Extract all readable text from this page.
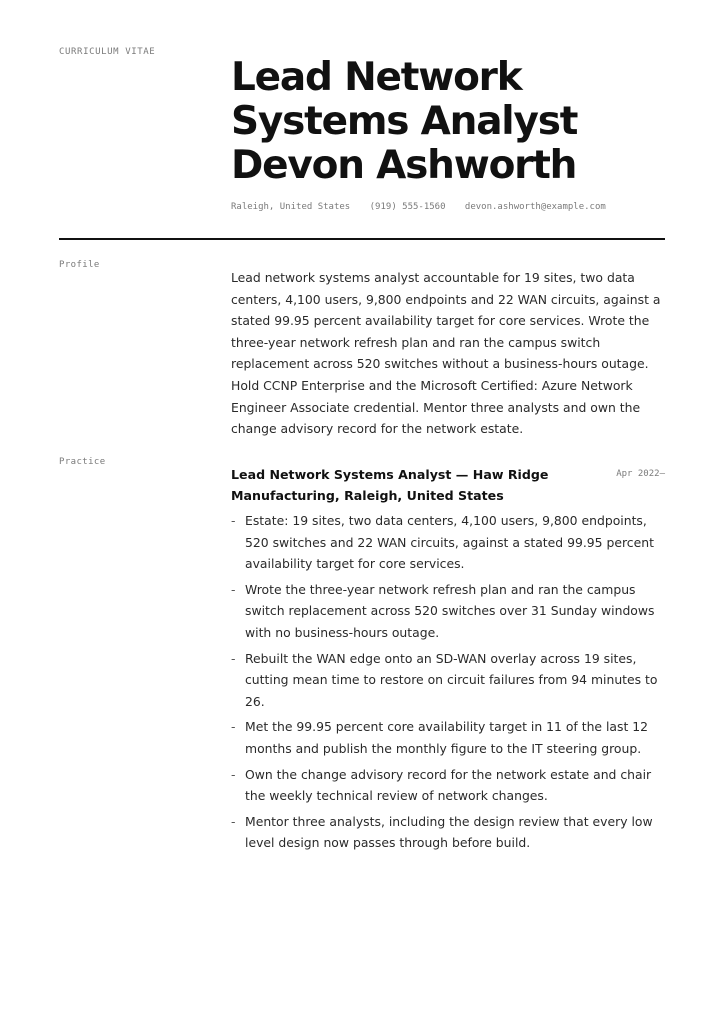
CURRICULUM VITAE
Lead Network
Systems Analyst
Devon Ashworth
Raleigh, United States (919) 555-1560 devon.ashworth@example.com
Profile
Lead network systems analyst accountable for 19 sites, two data centers, 4,100 users, 9,800 endpoints and 22 WAN circuits, against a stated 99.95 percent availability target for core services. Wrote the three-year network refresh plan and ran the campus switch replacement across 520 switches without a business-hours outage. Hold CCNP Enterprise and the Microsoft Certified: Azure Network Engineer Associate credential. Mentor three analysts and own the change advisory record for the network estate.
Practice
Lead Network Systems Analyst — Haw Ridge Manufacturing, Raleigh, United States
Apr 2022–
- Estate: 19 sites, two data centers, 4,100 users, 9,800 endpoints, 520 switches and 22 WAN circuits, against a stated 99.95 percent availability target for core services.
- Wrote the three-year network refresh plan and ran the campus switch replacement across 520 switches over 31 Sunday windows with no business-hours outage.
- Rebuilt the WAN edge onto an SD-WAN overlay across 19 sites, cutting mean time to restore on circuit failures from 94 minutes to 26.
- Met the 99.95 percent core availability target in 11 of the last 12 months and publish the monthly figure to the IT steering group.
- Own the change advisory record for the network estate and chair the weekly technical review of network changes.
- Mentor three analysts, including the design review that every low level design now passes through before build.
